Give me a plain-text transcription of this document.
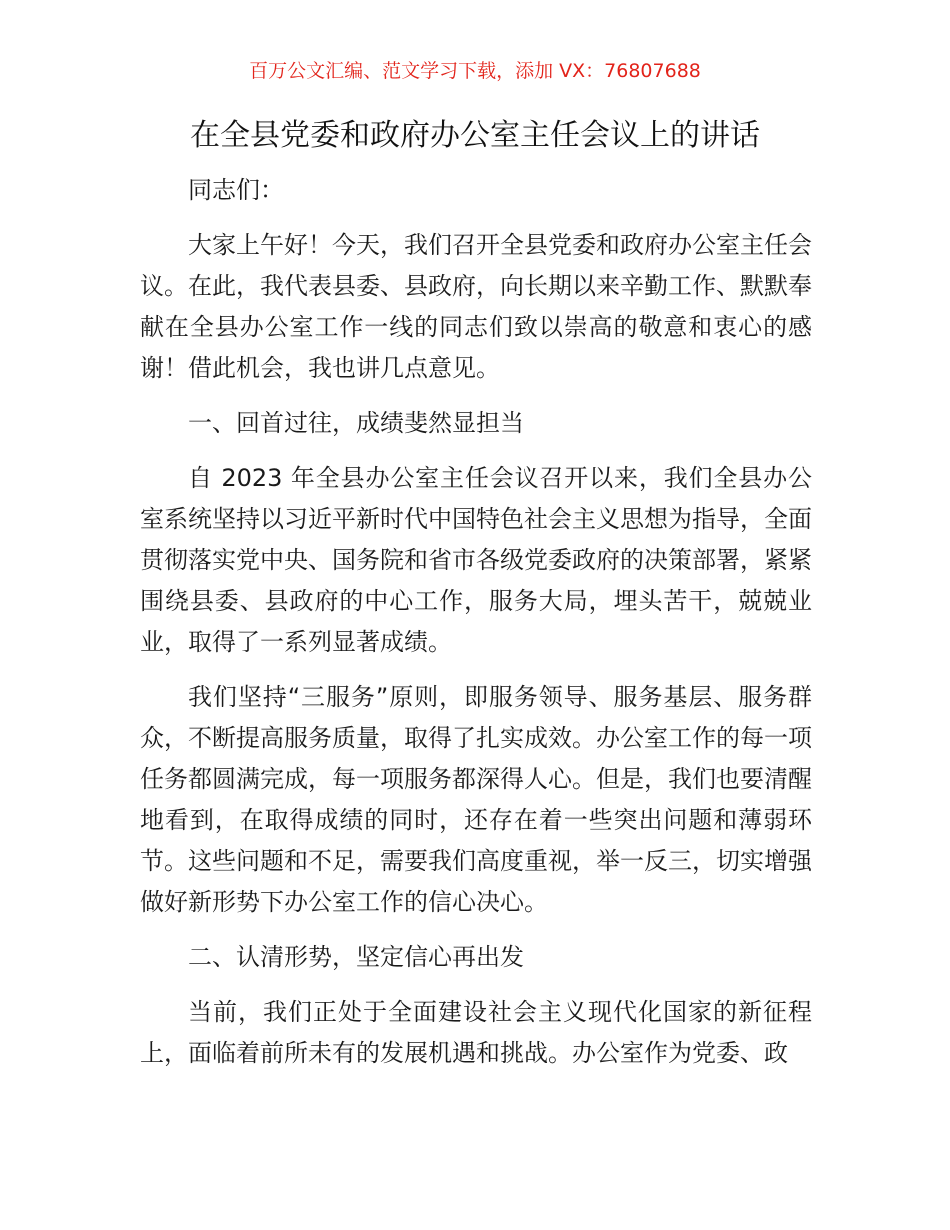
百万公文汇编、范文学习下载，添加 VX：76807688
在全县党委和政府办公室主任会议上的讲话

同志们：

大家上午好！今天，我们召开全县党委和政府办公室主任会议。在此，我代表县委、县政府，向长期以来辛勤工作、默默奉献在全县办公室工作一线的同志们致以崇高的敬意和衷心的感谢！借此机会，我也讲几点意见。

一、回首过往，成绩斐然显担当

自 2023 年全县办公室主任会议召开以来，我们全县办公室系统坚持以习近平新时代中国特色社会主义思想为指导，全面贯彻落实党中央、国务院和省市各级党委政府的决策部署，紧紧围绕县委、县政府的中心工作，服务大局，埋头苦干，兢兢业业，取得了一系列显著成绩。

我们坚持“三服务”原则，即服务领导、服务基层、服务群众，不断提高服务质量，取得了扎实成效。办公室工作的每一项任务都圆满完成，每一项服务都深得人心。但是，我们也要清醒地看到，在取得成绩的同时，还存在着一些突出问题和薄弱环节。这些问题和不足，需要我们高度重视，举一反三，切实增强做好新形势下办公室工作的信心决心。

二、认清形势，坚定信心再出发

当前，我们正处于全面建设社会主义现代化国家的新征程上，面临着前所未有的发展机遇和挑战。办公室作为党委、政
